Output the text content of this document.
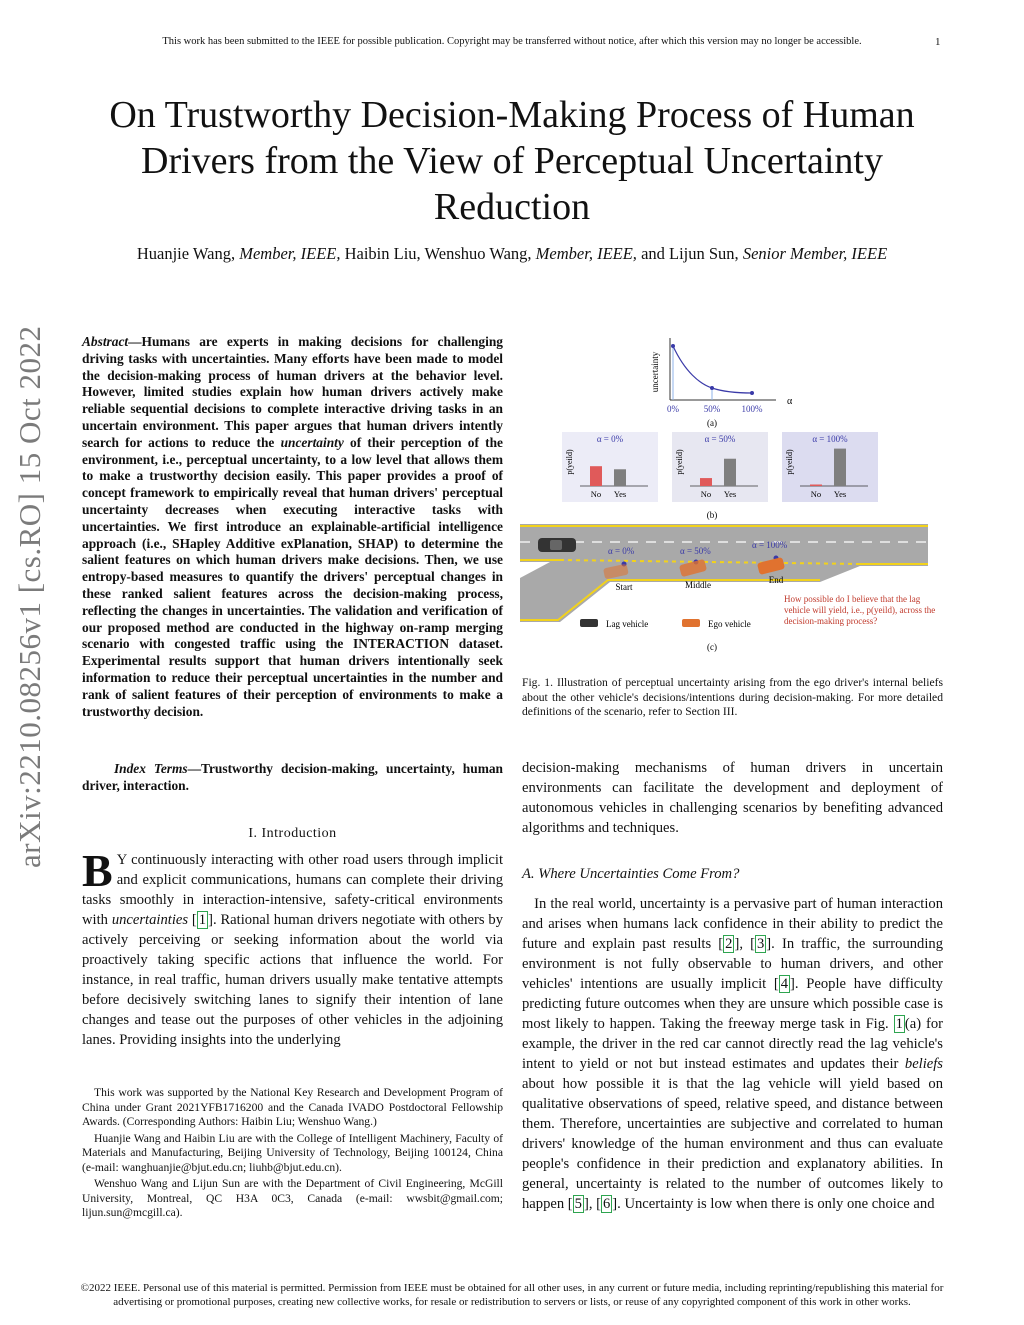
This work has been submitted to the IEEE for possible publication. Copyright may be transferred without notice, after which this version may no longer be accessible.	1
On Trustworthy Decision-Making Process of Human Drivers from the View of Perceptual Uncertainty Reduction
Huanjie Wang, Member, IEEE, Haibin Liu, Wenshuo Wang, Member, IEEE, and Lijun Sun, Senior Member, IEEE
arXiv:2210.08256v1 [cs.RO] 15 Oct 2022	Abstract—Humans are experts in making decisions for challenging driving tasks with uncertainties. Many efforts have been made to model the decision-making process of human drivers at the behavior level. However, limited studies explain how human drivers actively make reliable sequential decisions to complete interactive driving tasks in an uncertain environment. This paper argues that human drivers intently search for actions to reduce the uncertainty of their perception of the environment, i.e., perceptual uncertainty, to a low level that allows them to make a trustworthy decision easily. This paper provides a proof of concept framework to empirically reveal that human drivers' perceptual uncertainty decreases when executing interactive tasks with uncertainties. We first introduce an explainable-artificial intelligence approach (i.e., SHapley Additive exPlanation, SHAP) to determine the salient features on which human drivers make decisions. Then, we use entropy-based measures to quantify the drivers' perceptual changes in these ranked salient features across the decision-making process, reflecting the changes in uncertainties. The validation and verification of our proposed method are conducted in the highway on-ramp merging scenario with congested traffic using the INTERACTION dataset. Experimental results support that human drivers intentionally seek information to reduce their perceptual uncertainties in the number and rank of salient features of their perception of environments to make a trustworthy decision.
Index Terms—Trustworthy decision-making, uncertainty, human driver, interaction.
I. Introduction
B Y continuously interacting with other road users through implicit and explicit communications, humans can complete their driving tasks smoothly in interaction-intensive, safety-critical environments with uncertainties [ 1 ]. Rational human drivers negotiate with others by actively perceiving or seeking information about the world via proactively taking specific actions that influence the world. For instance, in real traffic, human drivers usually make tentative attempts before decisively switching lanes to signify their intention of lane changes and tease out the purposes of other vehicles in the adjoining lanes. Providing insights into the underlying

This work was supported by the National Key Research and Development Program of China under Grant 2021YFB1716200 and the Canada IVADO Postdoctoral Fellowship Awards. (Corresponding Authors: Haibin Liu; Wenshuo Wang.)

Huanjie Wang and Haibin Liu are with the College of Intelligent Machinery, Faculty of Materials and Manufacturing, Beijing University of Technology, Beijing 100124, China (e-mail: wanghuanjie@bjut.edu.cn; liuhb@bjut.edu.cn).

Wenshuo Wang and Lijun Sun are with the Department of Civil Engineering, McGill University, Montreal, QC H3A 0C3, Canada (e-mail: wwsbit@gmail.com; lijun.sun@mcgill.ca).

uncertainty
α
0%	50% 100%
(a)
α = 0%
p(yeild)
No Yes
α = 50%
p(yeild)
No Yes
α = 100%
p(yeild)
No Yes
(b)
α = 0%	α = 50%
α = 100%
Start	Middle	End
How possible do I believe that the lag vehicle will yield, i.e., p(yeild), across the decision-making process?
Lag vehicle	Ego vehicle
(c)
Fig. 1. Illustration of perceptual uncertainty arising from the ego driver's internal beliefs about the other vehicle's decisions/intentions during decision-making. For more detailed definitions of the scenario, refer to Section III.
decision-making mechanisms of human drivers in uncertain environments can facilitate the development and deployment of autonomous vehicles in challenging scenarios by benefiting advanced algorithms and techniques.
A. Where Uncertainties Come From?
In the real world, uncertainty is a pervasive part of human interaction and arises when humans lack confidence in their ability to predict the future and explain past results [ 2 ], [ 3 ]. In traffic, the surrounding environment is not fully observable to human drivers, and other vehicles' intentions are usually implicit [ 4 ]. People have difficulty predicting future outcomes when they are unsure which possible case is most likely to happen. Taking the freeway merge task in Fig. 1 (a) for example, the driver in the red car cannot directly read the lag vehicle's intent to yield or not but instead estimates and updates their beliefs about how possible it is that the lag vehicle will yield based on qualitative observations of speed, relative speed, and distance between them. Therefore, uncertainties are subjective and correlated to human drivers' knowledge of the human environment and thus can evaluate people's confidence in their prediction and explanatory abilities. In general, uncertainty is related to the number of outcomes likely to happen [ 5 ], [ 6 ]. Uncertainty is low when there is only one choice and
©2022 IEEE. Personal use of this material is permitted. Permission from IEEE must be obtained for all other uses, in any current or future media, including reprinting/republishing this material for advertising or promotional purposes, creating new collective works, for resale or redistribution to servers or lists, or reuse of any copyrighted component of this work in other works.
